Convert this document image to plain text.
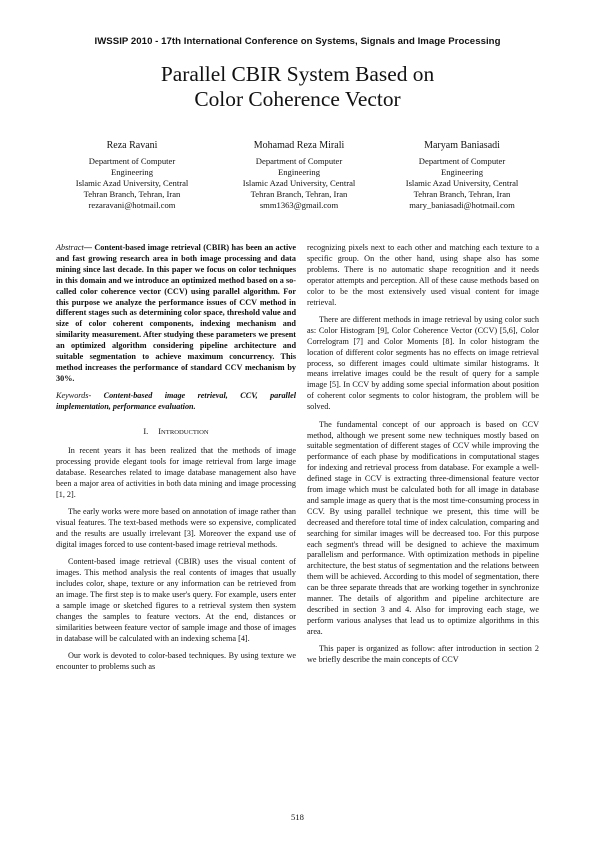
IWSSIP 2010 - 17th International Conference on Systems, Signals and Image Processing
Parallel CBIR System Based on
Color Coherence Vector
Reza Ravani
Department of Computer
Engineering
Islamic Azad University, Central
Tehran Branch, Tehran, Iran
rezaravani@hotmail.com
Mohamad Reza Mirali
Department of Computer
Engineering
Islamic Azad University, Central
Tehran Branch, Tehran, Iran
smm1363@gmail.com
Maryam Baniasadi
Department of Computer
Engineering
Islamic Azad University, Central
Tehran Branch, Tehran, Iran
mary_baniasadi@hotmail.com

Abstract— Content-based image retrieval (CBIR) has been an active and fast growing research area in both image processing and data mining since last decade. In this paper we focus on color techniques in this domain and we introduce an optimized method based on a so-called color coherence vector (CCV) using parallel algorithm. For this purpose we analyze the performance issues of CCV method in different stages such as determining color space, threshold value and size of color coherent components, indexing mechanism and similarity measurement. After studying these parameters we present an optimized algorithm considering pipeline architecture and suitable segmentation to achieve maximum concurrency. This method increases the performance of standard CCV mechanism by 30%.

Keywords- Content-based image retrieval, CCV, parallel implementation, performance evaluation.

I. INTRODUCTION

In recent years it has been realized that the methods of image processing provide elegant tools for image retrieval from large image database. Researches related to image database management also have been a major area of activities in both data mining and image processing [1, 2].

The early works were more based on annotation of image rather than visual features. The text-based methods were so expensive, complicated and the results are usually irrelevant [3]. Moreover the expand use of digital images forced to use content-based image retrieval methods.

Content-based image retrieval (CBIR) uses the visual content of images. This method analysis the real contents of images that usually includes color, shape, texture or any information can be retrieved from an image. The first step is to make user's query. For example, users enter a sample image or sketched figures to a retrieval system then system changes the samples to feature vectors. At the end, distances or similarities between feature vector of sample image and those of images in database will be calculated with an indexing schema [4].

Our work is devoted to color-based techniques. By using texture we encounter to problems such as

recognizing pixels next to each other and matching each texture to a specific group. On the other hand, using shape also has some problems. There is no automatic shape recognition and it needs operator attempts and perception. All of these cause methods based on color to be the most extensively used visual content for image retrieval.

There are different methods in image retrieval by using color such as: Color Histogram [9], Color Coherence Vector (CCV) [5,6], Color Correlogram [7] and Color Moments [8]. In color histogram the location of different color segments has no effects on image retrieval process, so different images could ultimate similar histograms. It means irrelative images could be the result of query for a sample image [5]. In CCV by adding some special information about position of coherent color segments to color histogram, the problem will be solved.

The fundamental concept of our approach is based on CCV method, although we present some new techniques mostly based on suitable segmentation of different stages of CCV while improving the performance of each phase by modifications in computational stages for indexing and retrieval process from database. For example a well-defined stage in CCV is extracting three-dimensional feature vector from image which must be calculated both for all image in database and sample image as query that is the most time-consuming process in CCV. By using parallel technique we present, this time will be decreased and therefore total time of index calculation, comparing and searching for similar images will be decreased too. For this purpose each segment's thread will be designed to achieve the maximum parallelism and performance. With optimization methods in pipeline architecture, the best status of segmentation and the relations between them will be achieved. According to this model of segmentation, there can be three separate threads that are working together in synchronize manner. The details of algorithm and pipeline architecture are described in section 3 and 4. Also for improving each stage, we perform various analyses that lead us to optimize algorithms in this area.

This paper is organized as follow: after introduction in section 2 we briefly describe the main concepts of CCV

518
